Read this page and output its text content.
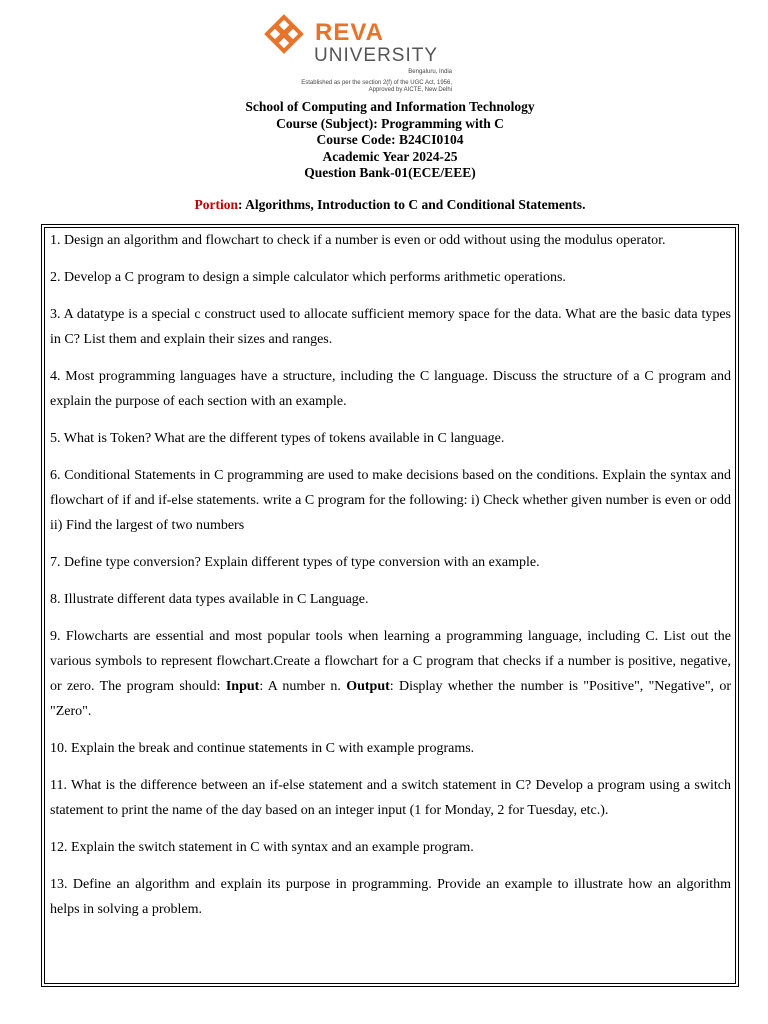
REVA
UNIVERSITY
Bengaluru, India
Established as per the section 2(f) of the UGC Act, 1956,
Approved by AICTE, New Delhi
School of Computing and Information Technology
Course (Subject): Programming with C
Course Code: B24CI0104
Academic Year 2024-25
Question Bank-01(ECE/EEE)
Portion: Algorithms, Introduction to C and Conditional Statements.

1. Design an algorithm and flowchart to check if a number is even or odd without using the modulus operator.

2. Develop a C program to design a simple calculator which performs arithmetic operations.

3. A datatype is a special c construct used to allocate sufficient memory space for the data. What are the basic data types in C? List them and explain their sizes and ranges.

4. Most programming languages have a structure, including the C language. Discuss the structure of a C program and explain the purpose of each section with an example.

5. What is Token? What are the different types of tokens available in C language.

6. Conditional Statements in C programming are used to make decisions based on the conditions. Explain the syntax and flowchart of if and if-else statements. write a C program for the following: i) Check whether given number is even or odd ii) Find the largest of two numbers

7. Define type conversion? Explain different types of type conversion with an example.

8. Illustrate different data types available in C Language.

9. Flowcharts are essential and most popular tools when learning a programming language, including C. List out the various symbols to represent flowchart.Create a flowchart for a C program that checks if a number is positive, negative, or zero. The program should: Input: A number n. Output: Display whether the number is "Positive", "Negative", or "Zero".

10. Explain the break and continue statements in C with example programs.

11. What is the difference between an if-else statement and a switch statement in C? Develop a program using a switch statement to print the name of the day based on an integer input (1 for Monday, 2 for Tuesday, etc.).

12. Explain the switch statement in C with syntax and an example program.

13. Define an algorithm and explain its purpose in programming. Provide an example to illustrate how an algorithm helps in solving a problem.
